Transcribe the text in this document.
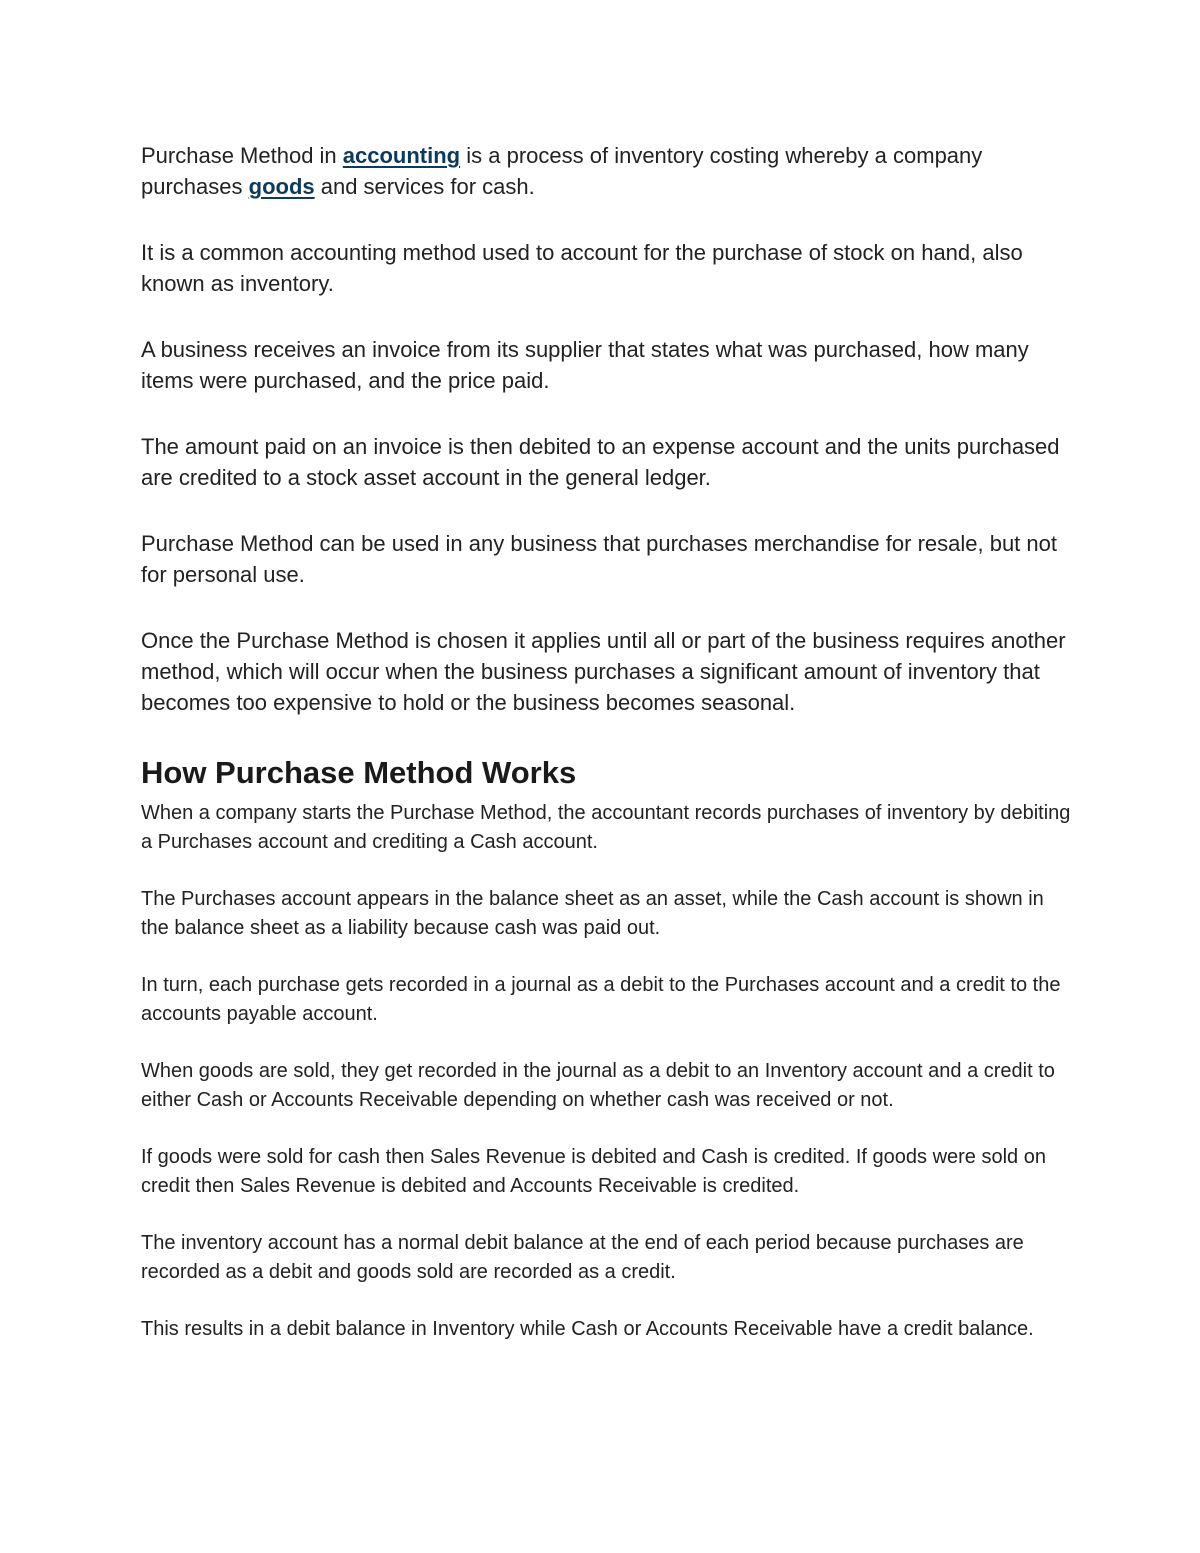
Purchase Method in accounting is a process of inventory costing whereby a company purchases goods and services for cash.

It is a common accounting method used to account for the purchase of stock on hand, also known as inventory.

A business receives an invoice from its supplier that states what was purchased, how many items were purchased, and the price paid.

The amount paid on an invoice is then debited to an expense account and the units purchased are credited to a stock asset account in the general ledger.

Purchase Method can be used in any business that purchases merchandise for resale, but not for personal use.

Once the Purchase Method is chosen it applies until all or part of the business requires another method, which will occur when the business purchases a significant amount of inventory that becomes too expensive to hold or the business becomes seasonal.

How Purchase Method Works

When a company starts the Purchase Method, the accountant records purchases of inventory by debiting a Purchases account and crediting a Cash account.

The Purchases account appears in the balance sheet as an asset, while the Cash account is shown in the balance sheet as a liability because cash was paid out.

In turn, each purchase gets recorded in a journal as a debit to the Purchases account and a credit to the accounts payable account.

When goods are sold, they get recorded in the journal as a debit to an Inventory account and a credit to either Cash or Accounts Receivable depending on whether cash was received or not.

If goods were sold for cash then Sales Revenue is debited and Cash is credited. If goods were sold on credit then Sales Revenue is debited and Accounts Receivable is credited.

The inventory account has a normal debit balance at the end of each period because purchases are recorded as a debit and goods sold are recorded as a credit.

This results in a debit balance in Inventory while Cash or Accounts Receivable have a credit balance.
